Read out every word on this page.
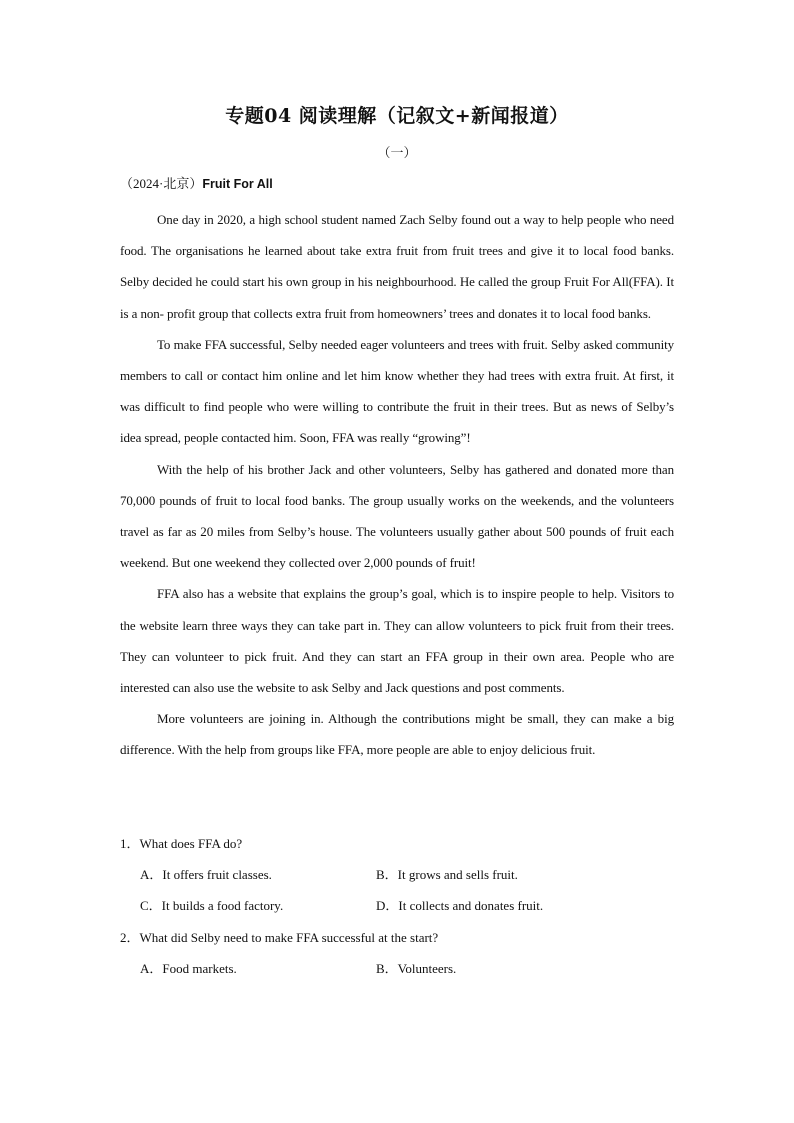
专题04 阅读理解（记叙文+新闻报道）
（一）
（2024·北京）Fruit For All

One day in 2020, a high school student named Zach Selby found out a way to help people who need food. The organisations he learned about take extra fruit from fruit trees and give it to local food banks. Selby decided he could start his own group in his neighbourhood. He called the group Fruit For All(FFA). It is a non- profit group that collects extra fruit from homeowners’ trees and donates it to local food banks.

To make FFA successful, Selby needed eager volunteers and trees with fruit. Selby asked community members to call or contact him online and let him know whether they had trees with extra fruit. At first, it was difficult to find people who were willing to contribute the fruit in their trees. But as news of Selby’s idea spread, people contacted him. Soon, FFA was really “growing”!

With the help of his brother Jack and other volunteers, Selby has gathered and donated more than 70,000 pounds of fruit to local food banks. The group usually works on the weekends, and the volunteers travel as far as 20 miles from Selby’s house. The volunteers usually gather about 500 pounds of fruit each weekend. But one weekend they collected over 2,000 pounds of fruit!

FFA also has a website that explains the group’s goal, which is to inspire people to help. Visitors to the website learn three ways they can take part in. They can allow volunteers to pick fruit from their trees. They can volunteer to pick fruit. And they can start an FFA group in their own area. People who are interested can also use the website to ask Selby and Jack questions and post comments.

More volunteers are joining in. Although the contributions might be small, they can make a big difference. With the help from groups like FFA, more people are able to enjoy delicious fruit.

1．What does FFA do?

A．It offers fruit classes.	B．It grows and sells fruit.
C．It builds a food factory.	D．It collects and donates fruit.

2．What did Selby need to make FFA successful at the start?

A．Food markets.	B．Volunteers.
